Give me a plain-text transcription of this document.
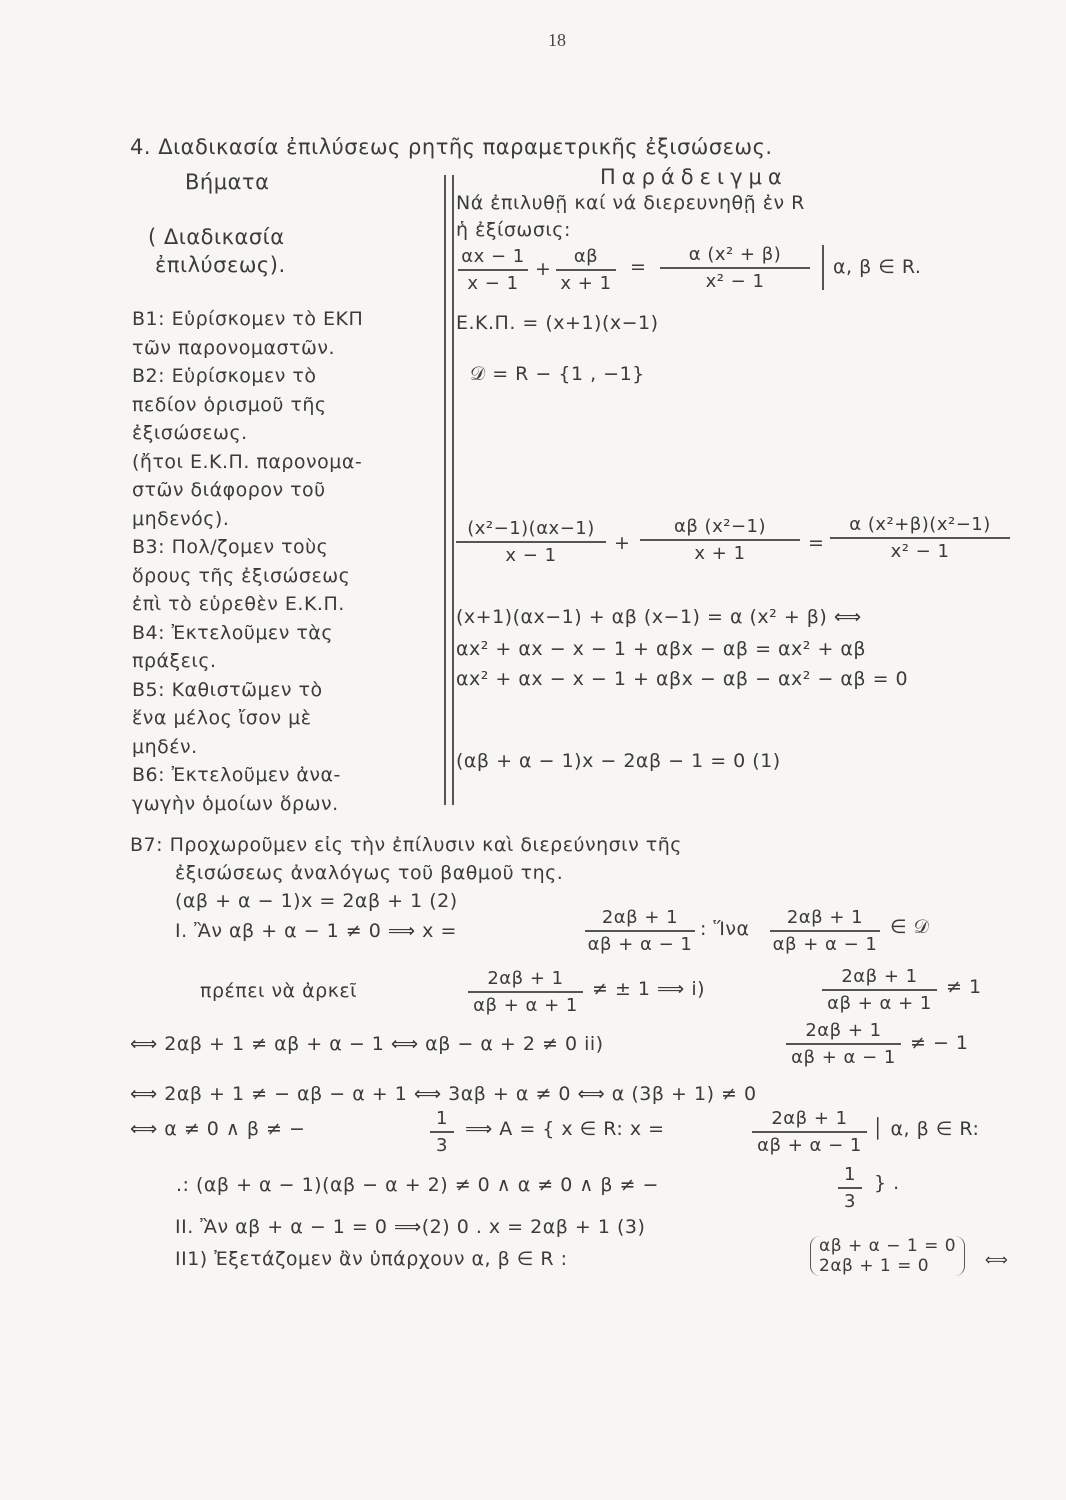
18
4. Διαδικασία ἐπιλύσεως ρητῆς παραμετρικῆς ἐξισώσεως.
Βήματα	Παράδειγμα
( Διαδικασία
ἐπιλύσεως).
B1: Εὑρίσκομεν τὸ ΕΚΠ
τῶν παρονομαστῶν.
B2: Εὑρίσκομεν τὸ
πεδίον ὁρισμοῦ τῆς
ἐξισώσεως.
(ἤτοι Ε.Κ.Π. παρονομα-
στῶν διάφορον τοῦ
μηδενός).
B3: Πολ/ζομεν τοὺς
ὅρους τῆς ἐξισώσεως
ἐπὶ τὸ εὑρεθὲν Ε.Κ.Π.
B4: Ἐκτελοῦμεν τὰς
πράξεις.
B5: Καθιστῶμεν τὸ
ἕνα μέλος ἴσον μὲ
μηδέν.
B6: Ἐκτελοῦμεν ἀνα-
γωγὴν ὁμοίων ὅρων.
Νά ἐπιλυθῇ καί νά διερευνηθῇ ἐν R
ἡ ἐξίσωσις:
αx − 1
x − 1
+
αβ
x + 1
=
α (x² + β)
x² − 1
α, β ∈ R.
Ε.Κ.Π. = (x+1)(x−1)
𝒟 = R − {1 , −1}
(x²−1)(αx−1)
x − 1
+
αβ (x²−1)
x + 1	=
α (x²+β)(x²−1)
x² − 1
(x+1)(αx−1) + αβ (x−1) = α (x² + β) ⟺
αx² + αx − x − 1 + αβx − αβ = αx² + αβ
αx² + αx − x − 1 + αβx − αβ − αx² − αβ = 0
(αβ + α − 1)x − 2αβ − 1 = 0 (1)
B7: Προχωροῦμεν εἰς τὴν ἐπίλυσιν καὶ διερεύνησιν τῆς
ἐξισώσεως ἀναλόγως τοῦ βαθμοῦ της.
(αβ + α − 1)x = 2αβ + 1 (2)
I. Ἂν αβ + α − 1 ≠ 0 ⟹ x =
2αβ + 1
αβ + α − 1
: Ἵνα
2αβ + 1
αβ + α − 1
∈ 𝒟
πρέπει νὰ ἀρκεῖ
2αβ + 1
αβ + α + 1
≠ ± 1 ⟹ i)
2αβ + 1
αβ + α + 1
≠ 1
⟺ 2αβ + 1 ≠ αβ + α − 1 ⟺ αβ − α + 2 ≠ 0 ii)
2αβ + 1
αβ + α − 1
≠ − 1
⟺ 2αβ + 1 ≠ − αβ − α + 1 ⟺ 3αβ + α ≠ 0 ⟺ α (3β + 1) ≠ 0
⟺ α ≠ 0 ∧ β ≠ −	1
3
⟹ A = { x ∈ R: x =	2αβ + 1
αβ + α − 1
│ α, β ∈ R:
.: (αβ + α − 1)(αβ − α + 2) ≠ 0 ∧ α ≠ 0 ∧ β ≠ −	1
3
} .
II. Ἂν αβ + α − 1 = 0 ⟹(2) 0 . x = 2αβ + 1 (3)
II1) Ἐξετάζομεν ἂν ὑπάρχουν α, β ∈ R :
αβ + α − 1 = 0
2αβ + 1 = 0	⟺
